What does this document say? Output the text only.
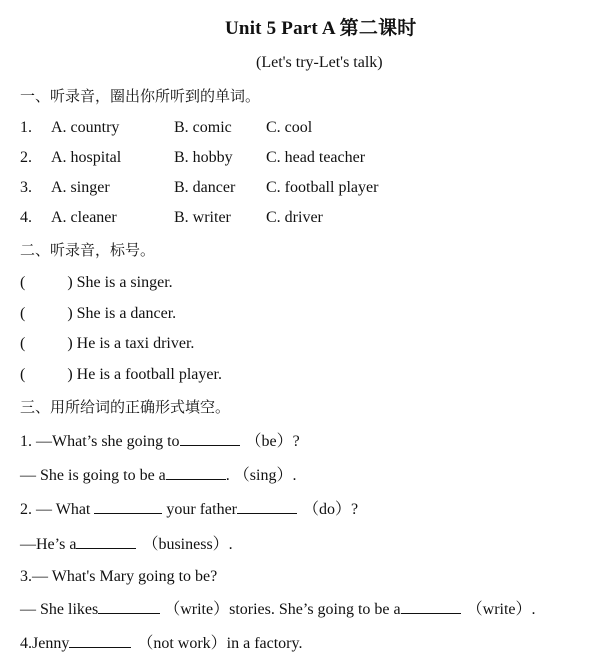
Unit 5 Part A 第二课时
(Let's try-Let's talk)
一、听录音，圈出你所听到的单词。
1. A. country	B. comic C. cool
2. A. hospital	B. hobby C. head teacher
3. A. singer	B. dancer C. football player
4. A. cleaner	B. writer C. driver
二、听录音，标号。
(	) She is a singer.
(	) She is a dancer.
(	) He is a taxi driver.
(	) He is a football player.
三、用所给词的正确形式填空。
1. —What’s she going to	（be）?
— She is going to be a	. （sing）.
2. — What	your father	（do）?
—He’s a	（business）.
3.— What's Mary going to be?
— She likes	（write）stories. She’s going to be a	（write）.
4.Jenny	（not work）in a factory.
